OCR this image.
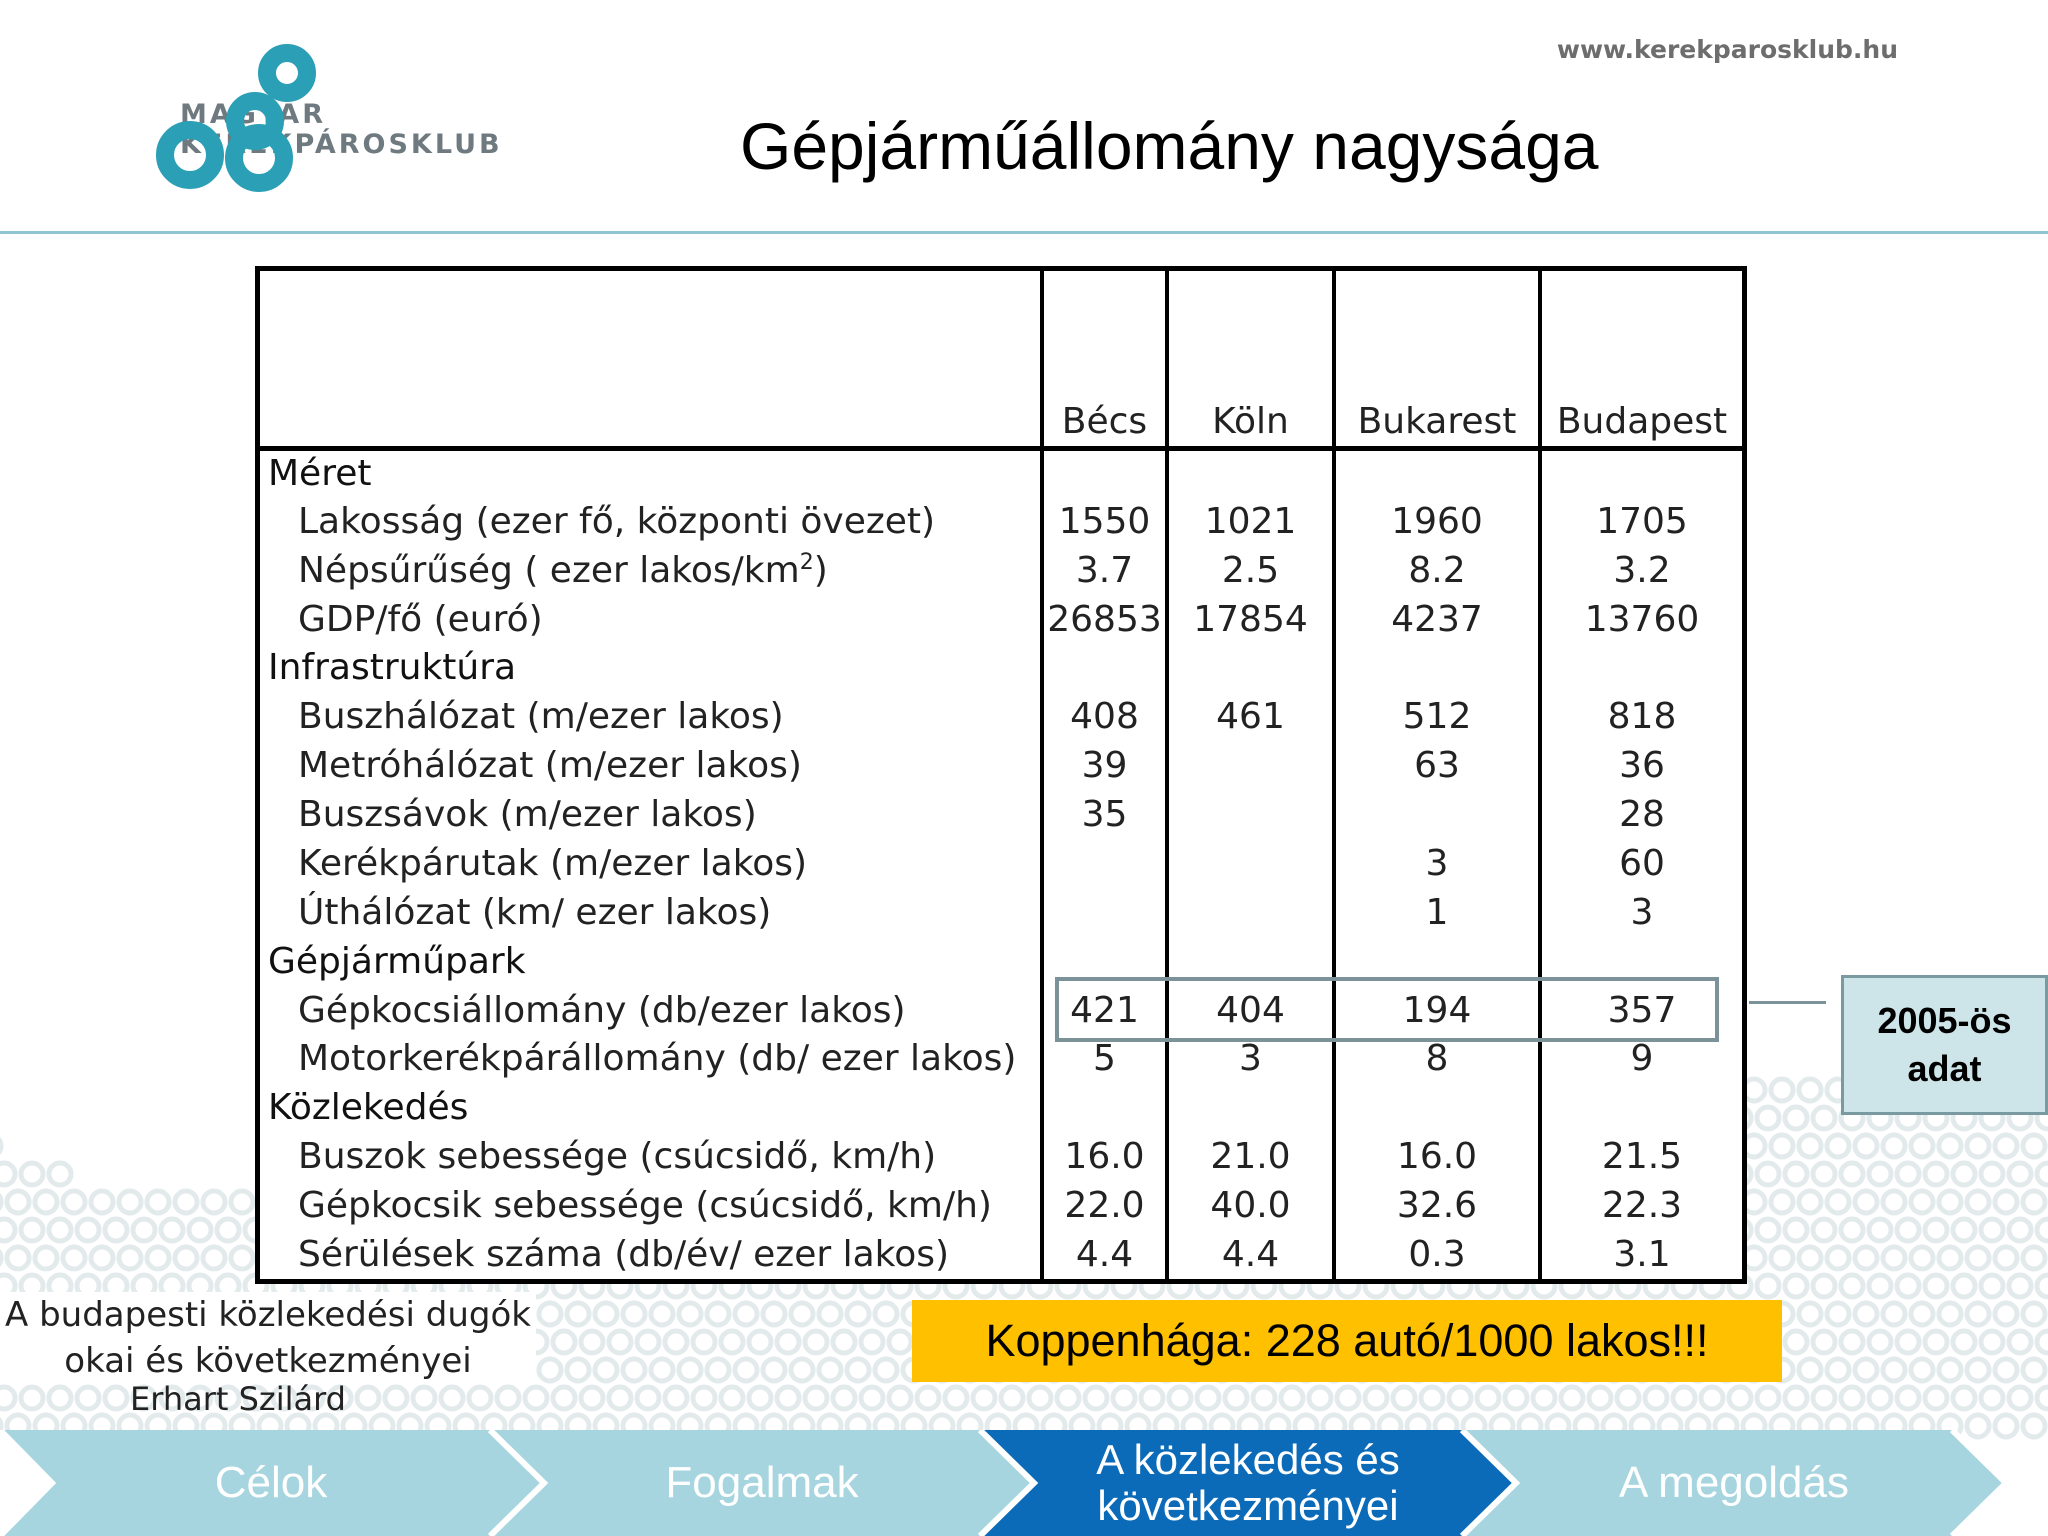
MAGYAR
KERÉKPÁROSKLUB
www.kerekparosklub.hu
Gépjárműállomány nagysága
	Bécs	Köln	Bukarest	Budapest
Méret				
Lakosság (ezer fő, központi övezet)	1550	1021	1960	1705
Népsűrűség ( ezer lakos/$km^2$)	3.7	2.5	8.2	3.2
GDP/fő (euró)	26853	17854	4237	13760
Infrastruktúra				
Buszhálózat (m/ezer lakos)	408	461	512	818
Metróhálózat (m/ezer lakos)	39		63	36
Buszsávok (m/ezer lakos)	35			28
Kerékpárutak (m/ezer lakos)			3	60
Úthálózat (km/ ezer lakos)			1	3
Gépjárműpark				
Gépkocsiállomány (db/ezer lakos)	421	404	194	357
Motorkerékpárállomány (db/ ezer lakos)	5	3	8	9
Közlekedés				
Buszok sebessége (csúcsidő, km/h)	16.0	21.0	16.0	21.5
Gépkocsik sebessége (csúcsidő, km/h)	22.0	40.0	32.6	22.3
Sérülések száma (db/év/ ezer lakos)	4.4	4.4	0.3	3.1
2005-ös
adat
A budapesti közlekedési dugók
okai és következményei
Erhart Szilárd
Koppenhága: 228 autó/1000 lakos!!!
Célok	Fogalmak	A közlekedés és
következményei	A megoldás
